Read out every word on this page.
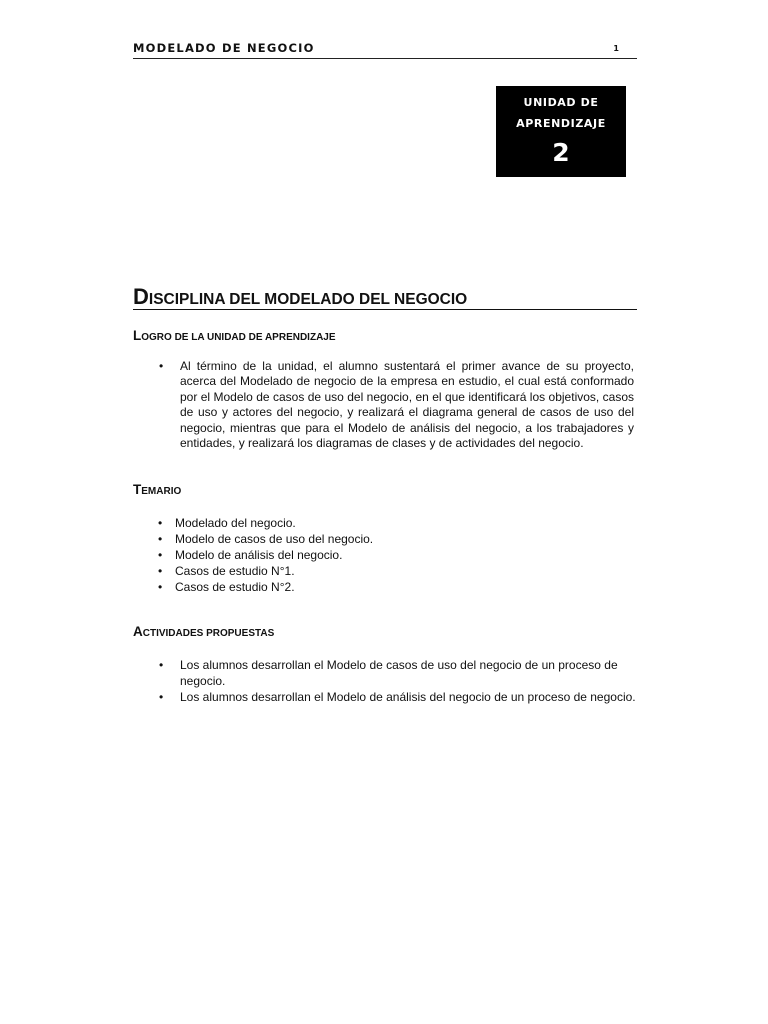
MODELADO DE NEGOCIO	1
UNIDAD DE
APRENDIZAJE
2
DISCIPLINA DEL MODELADO DEL NEGOCIO
LOGRO DE LA UNIDAD DE APRENDIZAJE
• Al término de la unidad, el alumno sustentará el primer avance de su proyecto, acerca del Modelado de negocio de la empresa en estudio, el cual está conformado por el Modelo de casos de uso del negocio, en el que identificará los objetivos, casos de uso y actores del negocio, y realizará el diagrama general de casos de uso del negocio, mientras que para el Modelo de análisis del negocio, a los trabajadores y entidades, y realizará los diagramas de clases y de actividades del negocio.
TEMARIO
• Modelado del negocio.
• Modelo de casos de uso del negocio.
• Modelo de análisis del negocio.
• Casos de estudio N°1.
• Casos de estudio N°2.
ACTIVIDADES PROPUESTAS
• Los alumnos desarrollan el Modelo de casos de uso del negocio de un proceso de negocio.
• Los alumnos desarrollan el Modelo de análisis del negocio de un proceso de negocio.
